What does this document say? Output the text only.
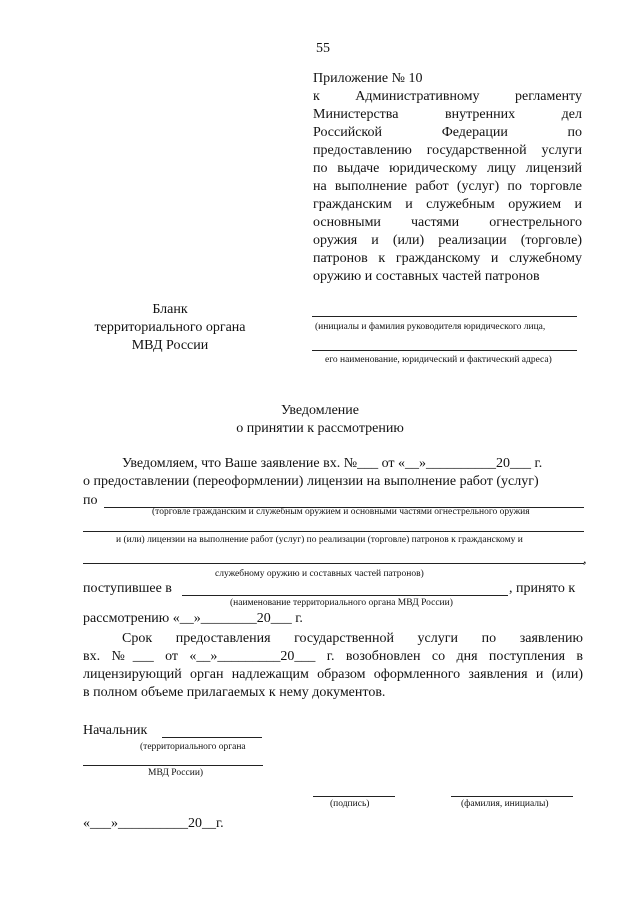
55
Приложение № 10
к Административному регламенту
Министерства внутренних дел
Российской Федерации по
предоставлению государственной услуги
по выдаче юридическому лицу лицензий
на выполнение работ (услуг) по торговле
гражданским и служебным оружием и
основными частями огнестрельного
оружия и (или) реализации (торговле)
патронов к гражданскому и служебному
оружию и составных частей патронов
Бланк
территориального органа
МВД России
(инициалы и фамилия руководителя юридического лица,
его наименование, юридический и фактический адреса)
Уведомление
о принятии к рассмотрению
Уведомляем, что Ваше заявление вх. №___ от «__»__________20___ г.
о предоставлении (переоформлении) лицензии на выполнение работ (услуг)
по
(торговле гражданским и служебным оружием и основными частями огнестрельного оружия
и (или) лицензии на выполнение работ (услуг) по реализации (торговле) патронов к гражданскому и
,
служебному оружию и составных частей патронов)
поступившее в	, принято к
(наименование территориального органа МВД России)
рассмотрению «__»________20___ г.
Срок предоставления государственной услуги по заявлению
вх. №___ от «__»_________20___ г. возобновлен со дня поступления в
лицензирующий орган надлежащим образом оформленного заявления и (или)
в полном объеме прилагаемых к нему документов.
Начальник
(территориального органа
МВД России)
(подпись)	(фамилия, инициалы)
«___»__________20__г.
